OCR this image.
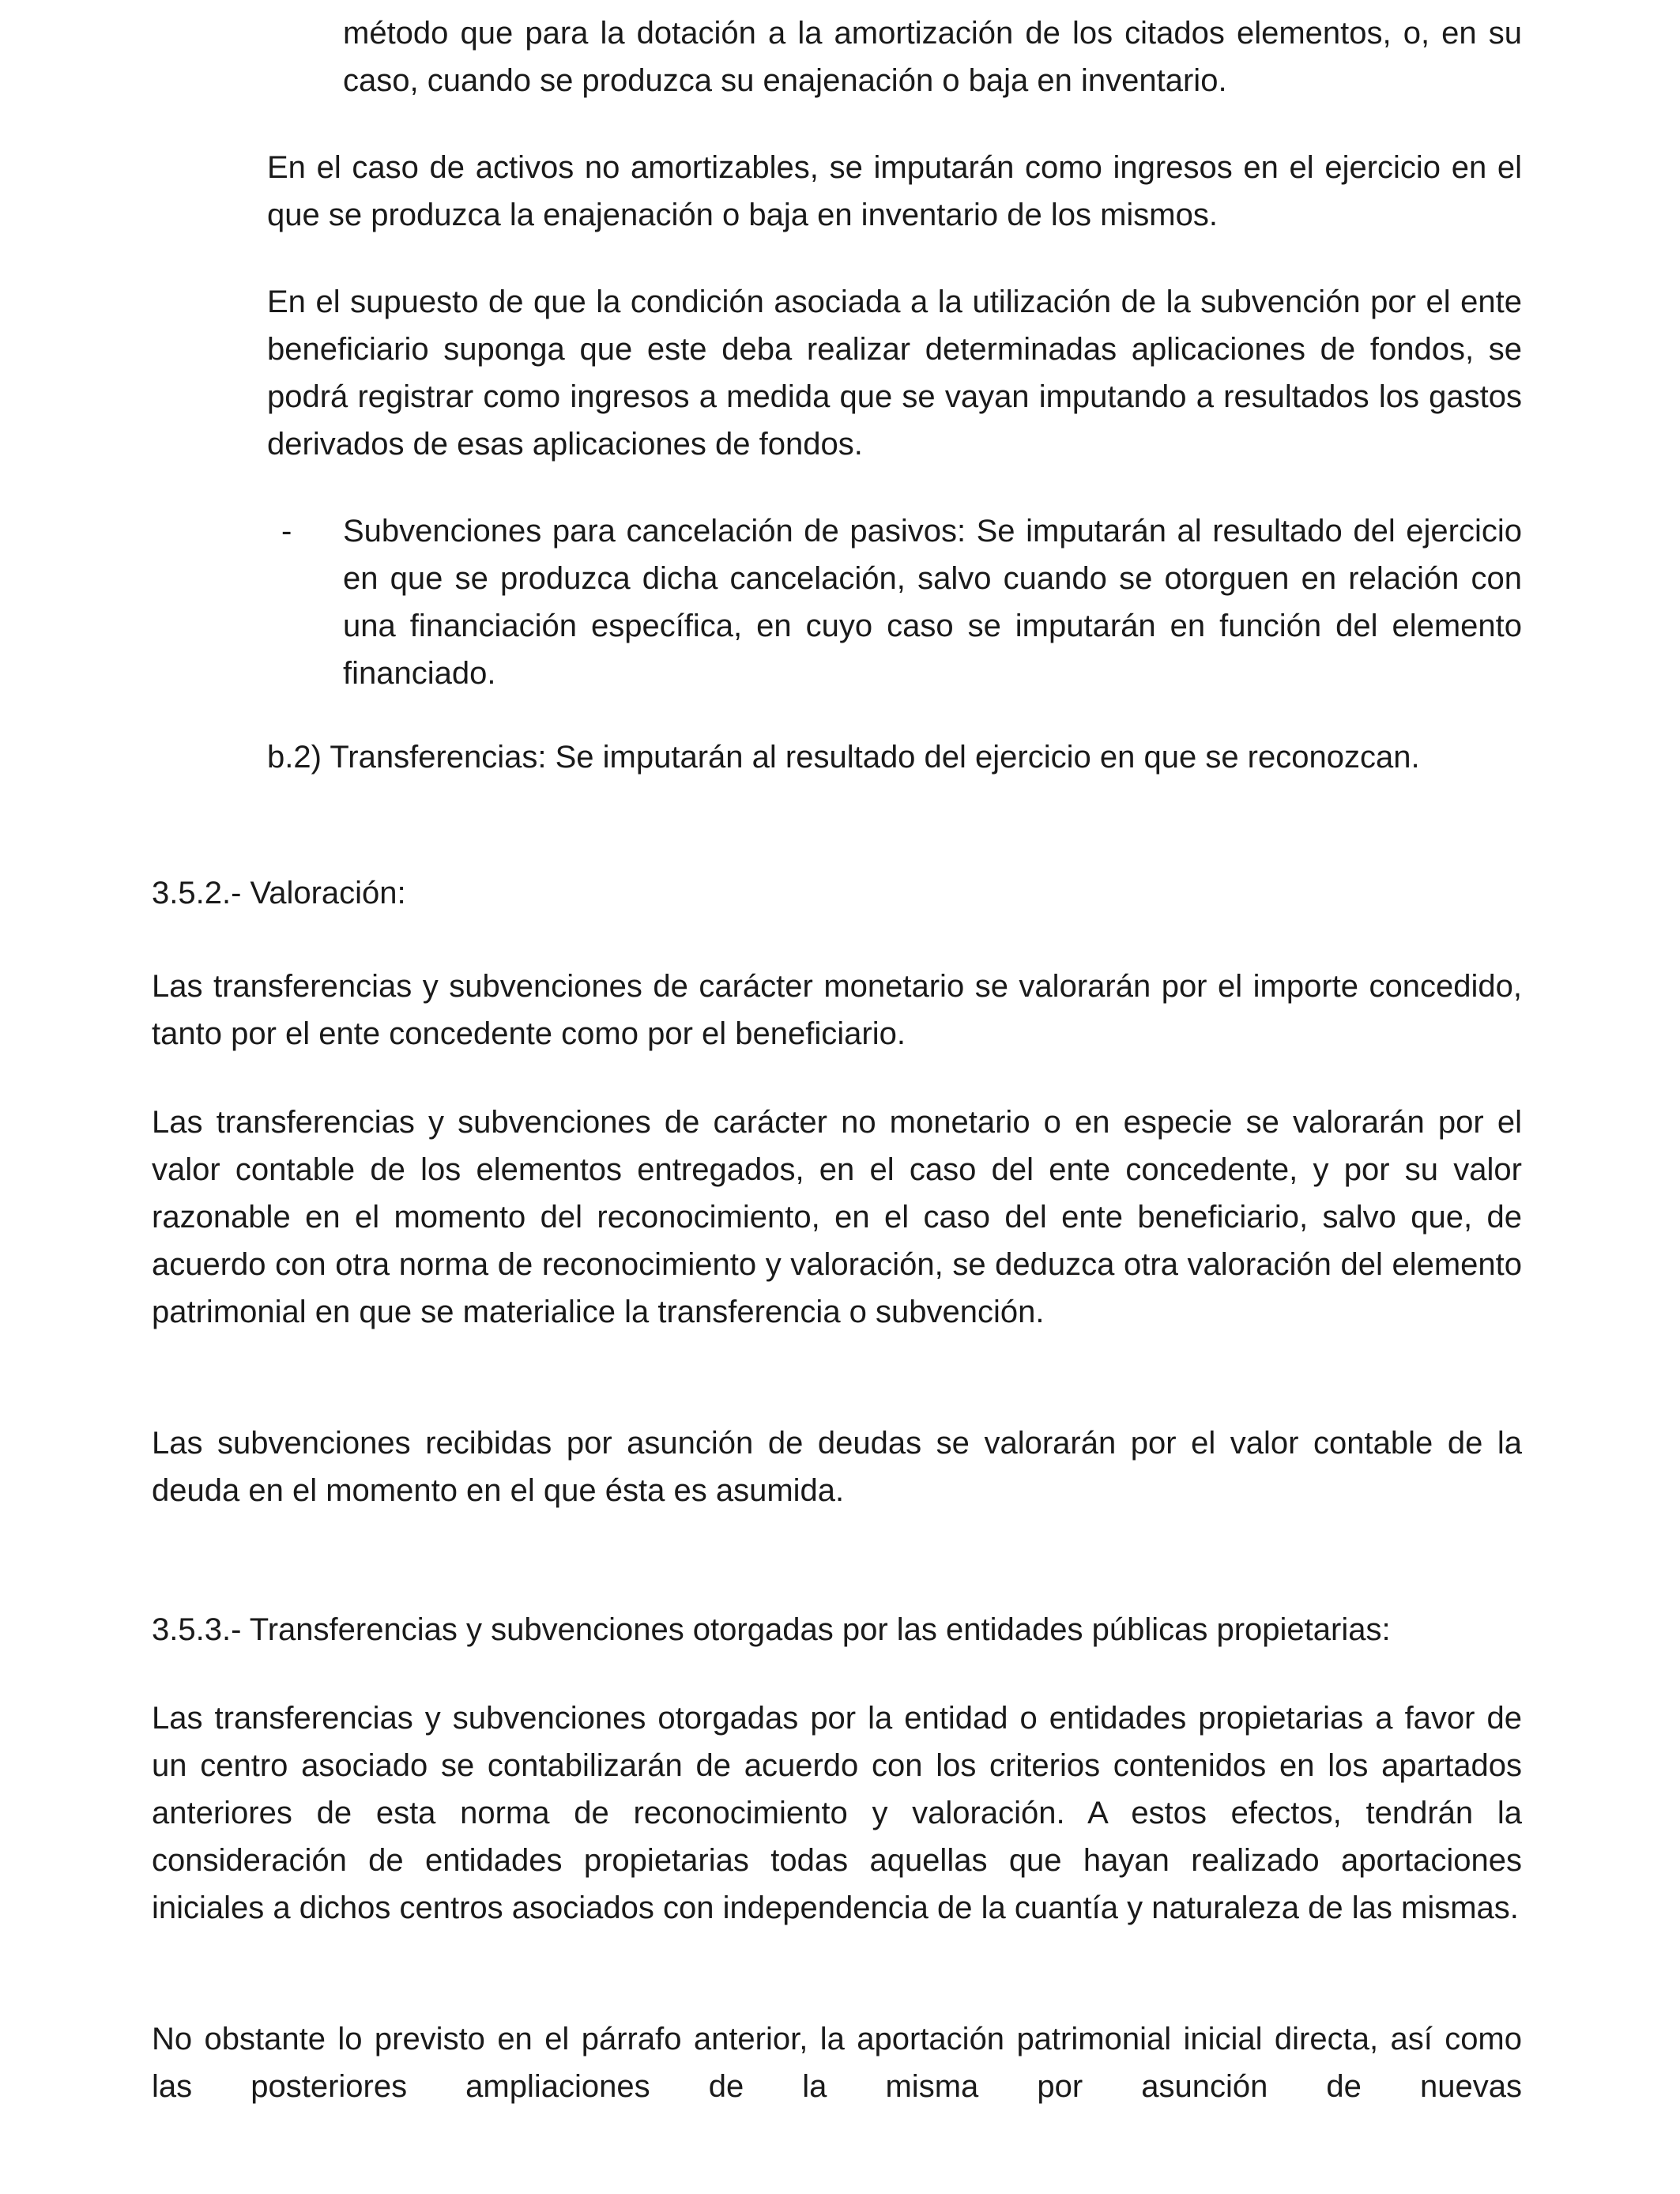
método que para la dotación a la amortización de los citados elementos, o, en su caso, cuando se produzca su enajenación o baja en inventario.

En el caso de activos no amortizables, se imputarán como ingresos en el ejercicio en el que se produzca la enajenación o baja en inventario de los mismos.

En el supuesto de que la condición asociada a la utilización de la subvención por el ente beneficiario suponga que este deba realizar determinadas aplicaciones de fondos, se podrá registrar como ingresos a medida que se vayan imputando a resultados los gastos derivados de esas aplicaciones de fondos.

- Subvenciones para cancelación de pasivos: Se imputarán al resultado del ejercicio en que se produzca dicha cancelación, salvo cuando se otorguen en relación con una financiación específica, en cuyo caso se imputarán en función del elemento financiado.

b.2) Transferencias: Se imputarán al resultado del ejercicio en que se reconozcan.

3.5.2.- Valoración:

Las transferencias y subvenciones de carácter monetario se valorarán por el importe concedido, tanto por el ente concedente como por el beneficiario.

Las transferencias y subvenciones de carácter no monetario o en especie se valorarán por el valor contable de los elementos entregados, en el caso del ente concedente, y por su valor razonable en el momento del reconocimiento, en el caso del ente beneficiario, salvo que, de acuerdo con otra norma de reconocimiento y valoración, se deduzca otra valoración del elemento patrimonial en que se materialice la transferencia o subvención.

Las subvenciones recibidas por asunción de deudas se valorarán por el valor contable de la deuda en el momento en el que ésta es asumida.

3.5.3.- Transferencias y subvenciones otorgadas por las entidades públicas propietarias:

Las transferencias y subvenciones otorgadas por la entidad o entidades propietarias a favor de un centro asociado se contabilizarán de acuerdo con los criterios contenidos en los apartados anteriores de esta norma de reconocimiento y valoración. A estos efectos, tendrán la consideración de entidades propietarias todas aquellas que hayan realizado aportaciones iniciales a dichos centros asociados con independencia de la cuantía y naturaleza de las mismas.

No obstante lo previsto en el párrafo anterior, la aportación patrimonial inicial directa, así como las posteriores ampliaciones de la misma por asunción de nuevas
